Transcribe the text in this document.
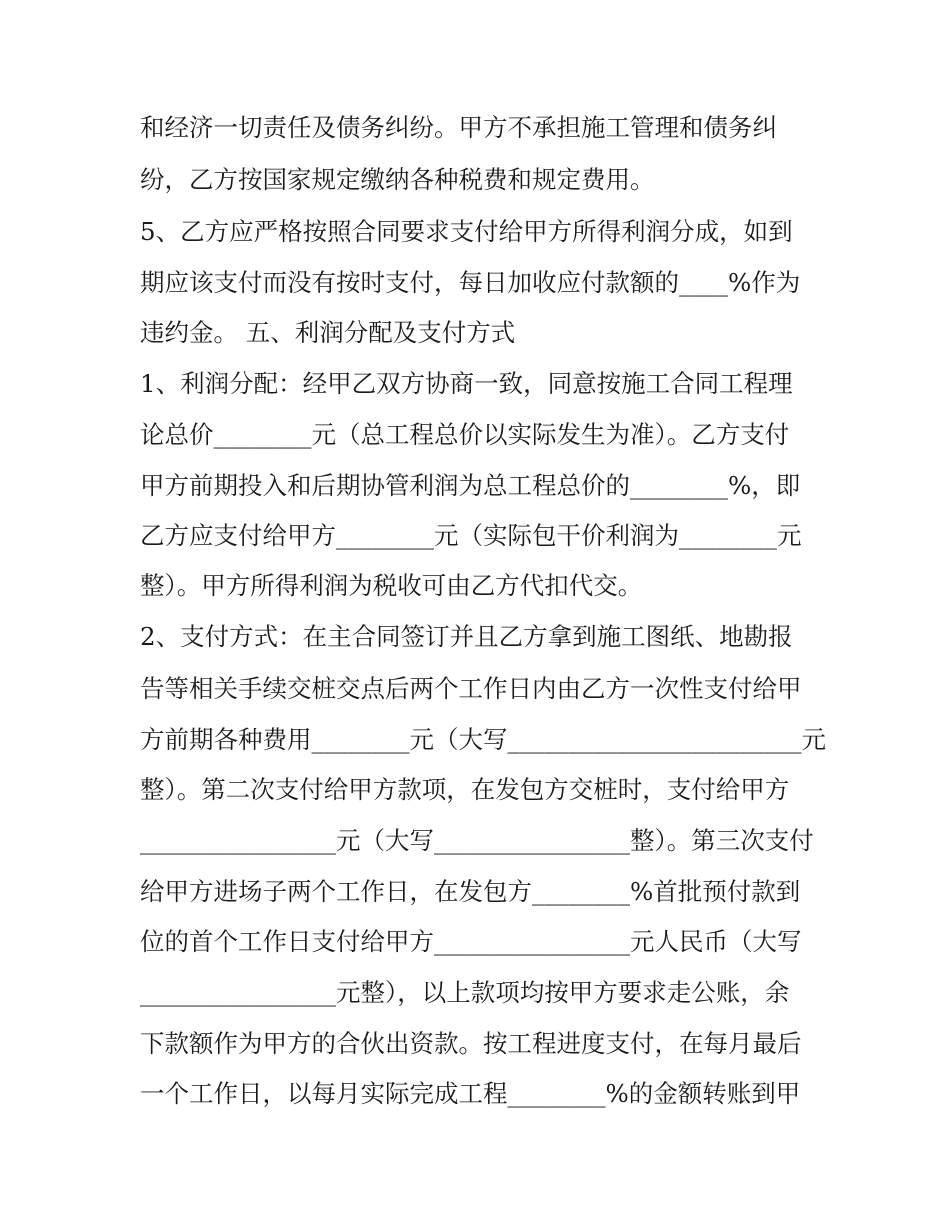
和经济一切责任及债务纠纷。甲方不承担施工管理和债务纠
纷，乙方按国家规定缴纳各种税费和规定费用。
5、乙方应严格按照合同要求支付给甲方所得利润分成，如到
期应该支付而没有按时支付，每日加收应付款额的____%作为
违约金。 五、利润分配及支付方式
1、利润分配：经甲乙双方协商一致，同意按施工合同工程理
论总价________元（总工程总价以实际发生为准）。乙方支付
甲方前期投入和后期协管利润为总工程总价的________%，即
乙方应支付给甲方________元（实际包干价利润为________元
整）。甲方所得利润为税收可由乙方代扣代交。
2、支付方式：在主合同签订并且乙方拿到施工图纸、地勘报
告等相关手续交桩交点后两个工作日内由乙方一次性支付给甲
方前期各种费用________元（大写________________________元
整）。第二次支付给甲方款项，在发包方交桩时，支付给甲方
________________元（大写________________整）。第三次支付
给甲方进场子两个工作日，在发包方________%首批预付款到
位的首个工作日支付给甲方________________元人民币（大写
________________元整），以上款项均按甲方要求走公账，余
下款额作为甲方的合伙出资款。按工程进度支付，在每月最后
一个工作日，以每月实际完成工程________%的金额转账到甲
